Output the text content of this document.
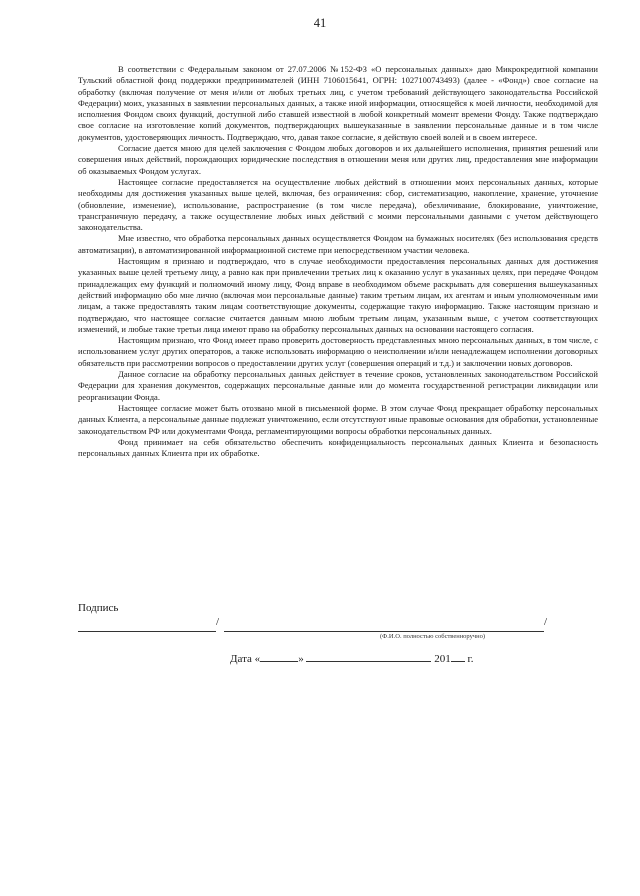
41

В соответствии с Федеральным законом от 27.07.2006 №152-ФЗ «О персональных данных» даю Микрокредитной компании Тульский областной фонд поддержки предпринимателей (ИНН 7106015641, ОГРН: 1027100743493) (далее - «Фонд») свое согласие на обработку (включая получение от меня и/или от любых третьих лиц, с учетом требований действующего законодательства Российской Федерации) моих, указанных в заявлении персональных данных, а также иной информации, относящейся к моей личности, необходимой для исполнения Фондом своих функций, доступной либо ставшей известной в любой конкретный момент времени Фонду. Также подтверждаю свое согласие на изготовление копий документов, подтверждающих вышеуказанные в заявлении персональные данные и в том числе документов, удостоверяющих личность. Подтверждаю, что, давая такое согласие, я действую своей волей и в своем интересе.

Согласие дается мною для целей заключения с Фондом любых договоров и их дальнейшего исполнения, принятия решений или совершения иных действий, порождающих юридические последствия в отношении меня или других лиц, предоставления мне информации об оказываемых Фондом услугах.

Настоящее согласие предоставляется на осуществление любых действий в отношении моих персональных данных, которые необходимы для достижения указанных выше целей, включая, без ограничения: сбор, систематизацию, накопление, хранение, уточнение (обновление, изменение), использование, распространение (в том числе передача), обезличивание, блокирование, уничтожение, трансграничную передачу, а также осуществление любых иных действий с моими персональными данными с учетом действующего законодательства.

Мне известно, что обработка персональных данных осуществляется Фондом на бумажных носителях (без использования средств автоматизации), в автоматизированной информационной системе при непосредственном участии человека.

Настоящим я признаю и подтверждаю, что в случае необходимости предоставления персональных данных для достижения указанных выше целей третьему лицу, а равно как при привлечении третьих лиц к оказанию услуг в указанных целях, при передаче Фондом принадлежащих ему функций и полномочий иному лицу, Фонд вправе в необходимом объеме раскрывать для совершения вышеуказанных действий информацию обо мне лично (включая мои персональные данные) таким третьим лицам, их агентам и иным уполномоченным ими лицам, а также предоставлять таким лицам соответствующие документы, содержащие такую информацию. Также настоящим признаю и подтверждаю, что настоящее согласие считается данным мною любым третьим лицам, указанным выше, с учетом соответствующих изменений, и любые такие третьи лица имеют право на обработку персональных данных на основании настоящего согласия.

Настоящим признаю, что Фонд имеет право проверить достоверность представленных мною персональных данных, в том числе, с использованием услуг других операторов, а также использовать информацию о неисполнении и/или ненадлежащем исполнении договорных обязательств при рассмотрении вопросов о предоставлении других услуг (совершения операций и т.д.) и заключении новых договоров.

Данное согласие на обработку персональных данных действует в течение сроков, установленных законодательством Российской Федерации для хранения документов, содержащих персональные данные или до момента государственной регистрации ликвидации или реорганизации Фонда.

Настоящее согласие может быть отозвано мной в письменной форме. В этом случае Фонд прекращает обработку персональных данных Клиента, а персональные данные подлежат уничтожению, если отсутствуют иные правовые основания для обработки, установленные законодательством РФ или документами Фонда, регламентирующими вопросы обработки персональных данных.

Фонд принимает на себя обязательство обеспечить конфиденциальность персональных данных Клиента и безопасность персональных данных Клиента при их обработке.

Подпись
/	/
(Ф.И.О. полностью собственноручно)
Дата «	»	201 г.
